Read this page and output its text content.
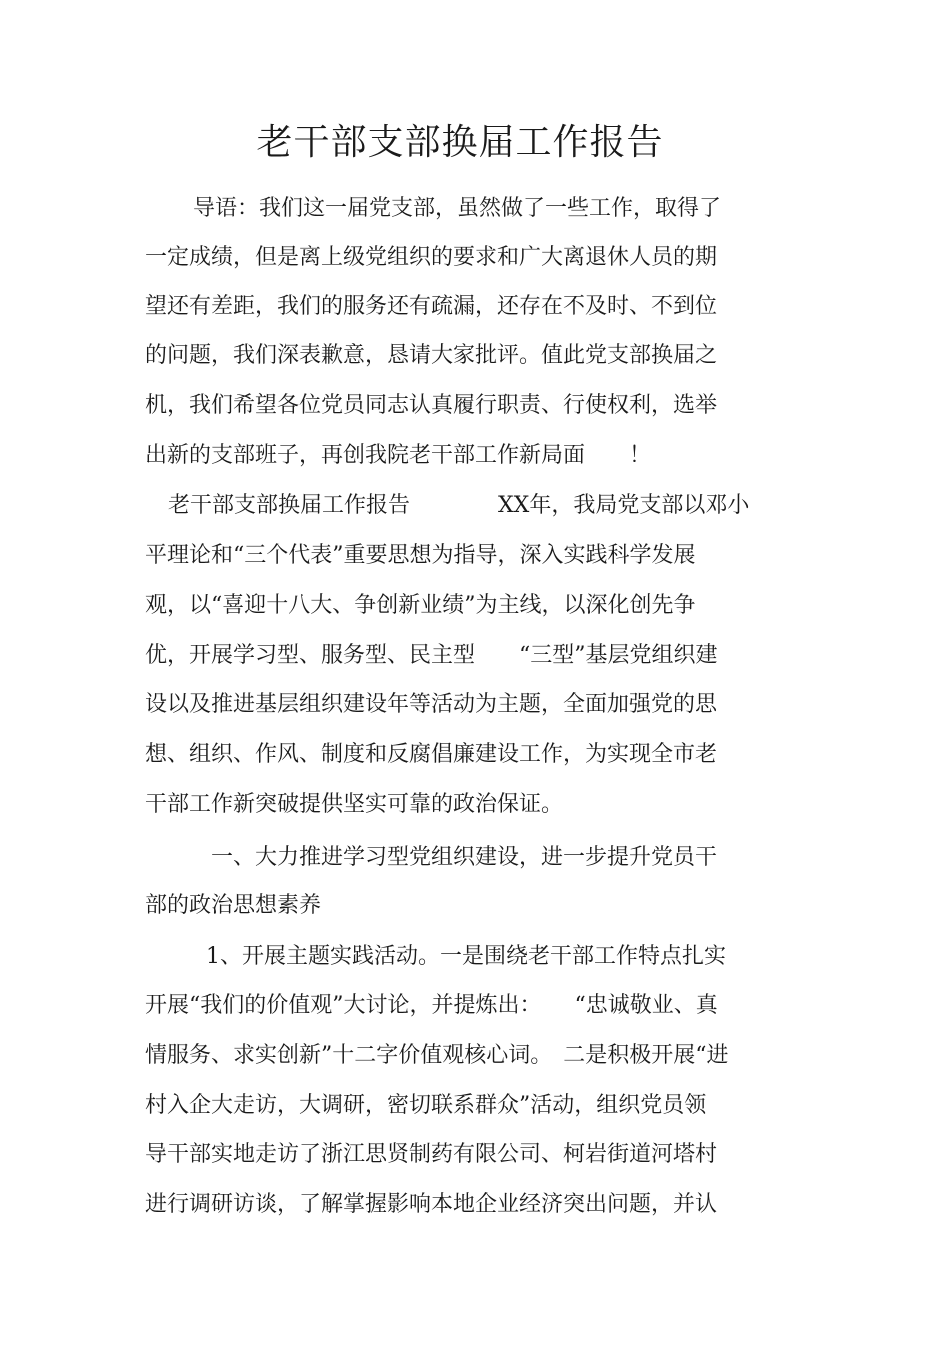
老干部支部换届工作报告
导语：我们这一届党支部，虽然做了一些工作，取得了
一定成绩，但是离上级党组织的要求和广大离退休人员的期
望还有差距，我们的服务还有疏漏，还存在不及时、不到位
的问题，我们深表歉意，恳请大家批评。值此党支部换届之
机，我们希望各位党员同志认真履行职责、行使权利，选举
出新的支部班子，再创我院老干部工作新局面　　！
老干部支部换届工作报告　　　　XX年，我局党支部以邓小
平理论和“三个代表”重要思想为指导，深入实践科学发展
观，以“喜迎十八大、争创新业绩”为主线，以深化创先争
优，开展学习型、服务型、民主型　　“三型”基层党组织建
设以及推进基层组织建设年等活动为主题，全面加强党的思
想、组织、作风、制度和反腐倡廉建设工作，为实现全市老
干部工作新突破提供坚实可靠的政治保证。
一、大力推进学习型党组织建设，进一步提升党员干
部的政治思想素养
1、开展主题实践活动。一是围绕老干部工作特点扎实
开展“我们的价值观”大讨论，并提炼出：　　“忠诚敬业、真
情服务、求实创新”十二字价值观核心词。　二是积极开展“进
村入企大走访，大调研，密切联系群众”活动，组织党员领
导干部实地走访了浙江思贤制药有限公司、柯岩街道河塔村
进行调研访谈，了解掌握影响本地企业经济突出问题，并认
